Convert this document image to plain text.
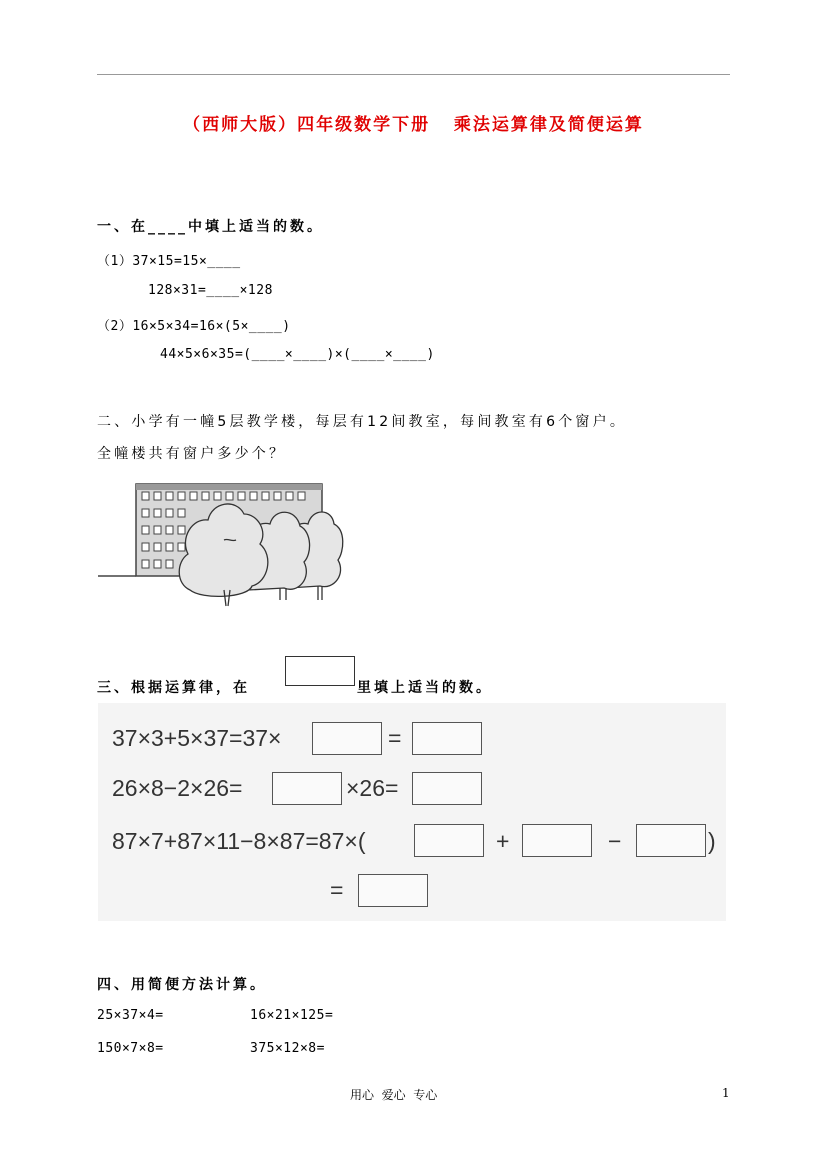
（西师大版）四年级数学下册   乘法运算律及简便运算
一、在____中填上适当的数。
（1）37×15=15×____
128×31=____×128
（2）16×5×34=16×(5×____)
44×5×6×35=(____×____)×(____×____)
二、小学有一幢5层教学楼，每层有12间教室，每间教室有6个窗户。
全幢楼共有窗户多少个？
三、根据运算律，在	里填上适当的数。
37×3+5×37=37×	=
26×8−2×26=	×26=
87×7+87×11−8×87=87×(	+	−	)
=
四、用简便方法计算。
25×37×4=	16×21×125=
150×7×8=	375×12×8=
用心  爱心  专心	1
